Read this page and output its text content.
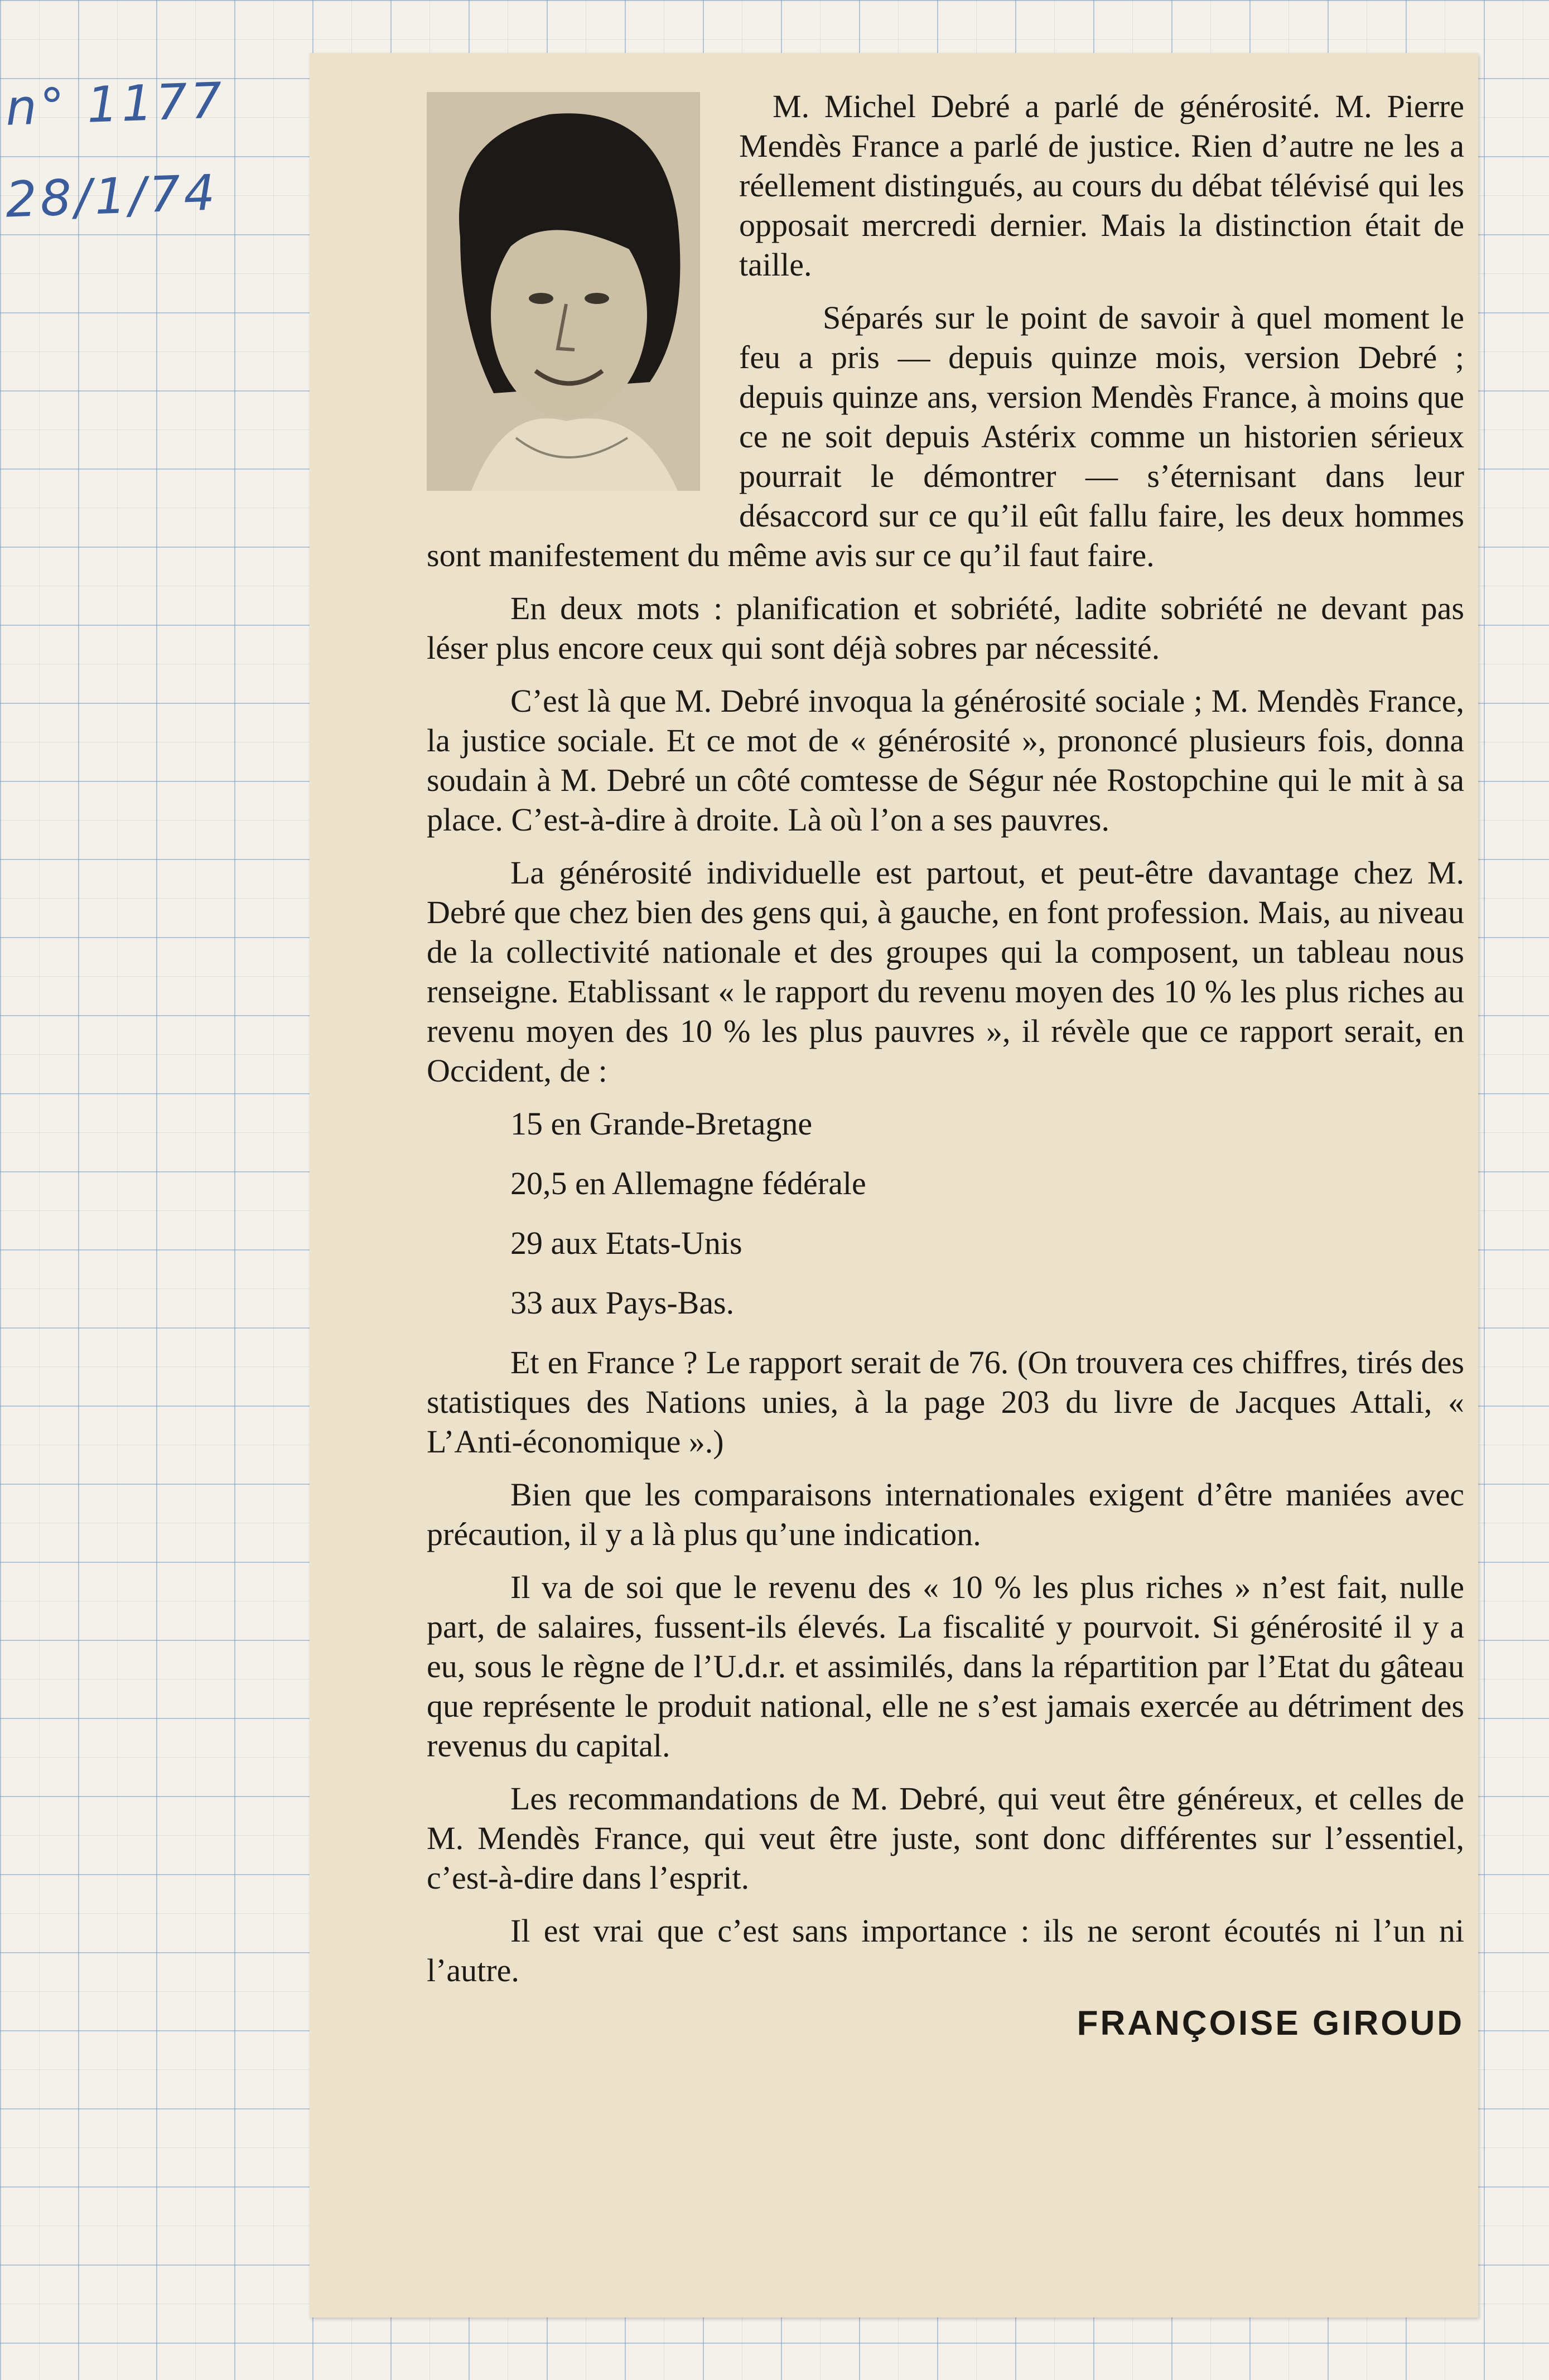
n° 1177
28/1/74

M. Michel Debré a parlé de générosité. M. Pierre Mendès France a parlé de justice. Rien d’autre ne les a réellement distingués, au cours du débat télévisé qui les opposait mercredi dernier. Mais la distinction était de taille.

Séparés sur le point de savoir à quel moment le feu a pris — depuis quinze mois, version Debré ; depuis quinze ans, version Mendès France, à moins que ce ne soit depuis Astérix comme un historien sérieux pourrait le démontrer — s’éternisant dans leur désaccord sur ce qu’il eût fallu faire, les deux hommes sont manifestement du même avis sur ce qu’il faut faire.

En deux mots : planification et sobriété, ladite sobriété ne devant pas léser plus encore ceux qui sont déjà sobres par nécessité.

C’est là que M. Debré invoqua la générosité sociale ; M. Mendès France, la justice sociale. Et ce mot de « générosité », prononcé plusieurs fois, donna soudain à M. Debré un côté comtesse de Ségur née Rostopchine qui le mit à sa place. C’est-à-dire à droite. Là où l’on a ses pauvres.

La générosité individuelle est partout, et peut-être davantage chez M. Debré que chez bien des gens qui, à gauche, en font profession. Mais, au niveau de la collectivité nationale et des groupes qui la composent, un tableau nous renseigne. Etablissant « le rapport du revenu moyen des 10 % les plus riches au revenu moyen des 10 % les plus pauvres », il révèle que ce rapport serait, en Occident, de :

15 en Grande-Bretagne
20,5 en Allemagne fédérale
29 aux Etats-Unis
33 aux Pays-Bas.

Et en France ? Le rapport serait de 76. (On trouvera ces chiffres, tirés des statistiques des Nations unies, à la page 203 du livre de Jacques Attali, « L’Anti-économique ».)

Bien que les comparaisons internationales exigent d’être maniées avec précaution, il y a là plus qu’une indication.

Il va de soi que le revenu des « 10 % les plus riches » n’est fait, nulle part, de salaires, fussent-ils élevés. La fiscalité y pourvoit. Si générosité il y a eu, sous le règne de l’U.d.r. et assimilés, dans la répartition par l’Etat du gâteau que représente le produit national, elle ne s’est jamais exercée au détriment des revenus du capital.

Les recommandations de M. Debré, qui veut être généreux, et celles de M. Mendès France, qui veut être juste, sont donc différentes sur l’essentiel, c’est-à-dire dans l’esprit.

Il est vrai que c’est sans importance : ils ne seront écoutés ni l’un ni l’autre.

FRANÇOISE GIROUD
